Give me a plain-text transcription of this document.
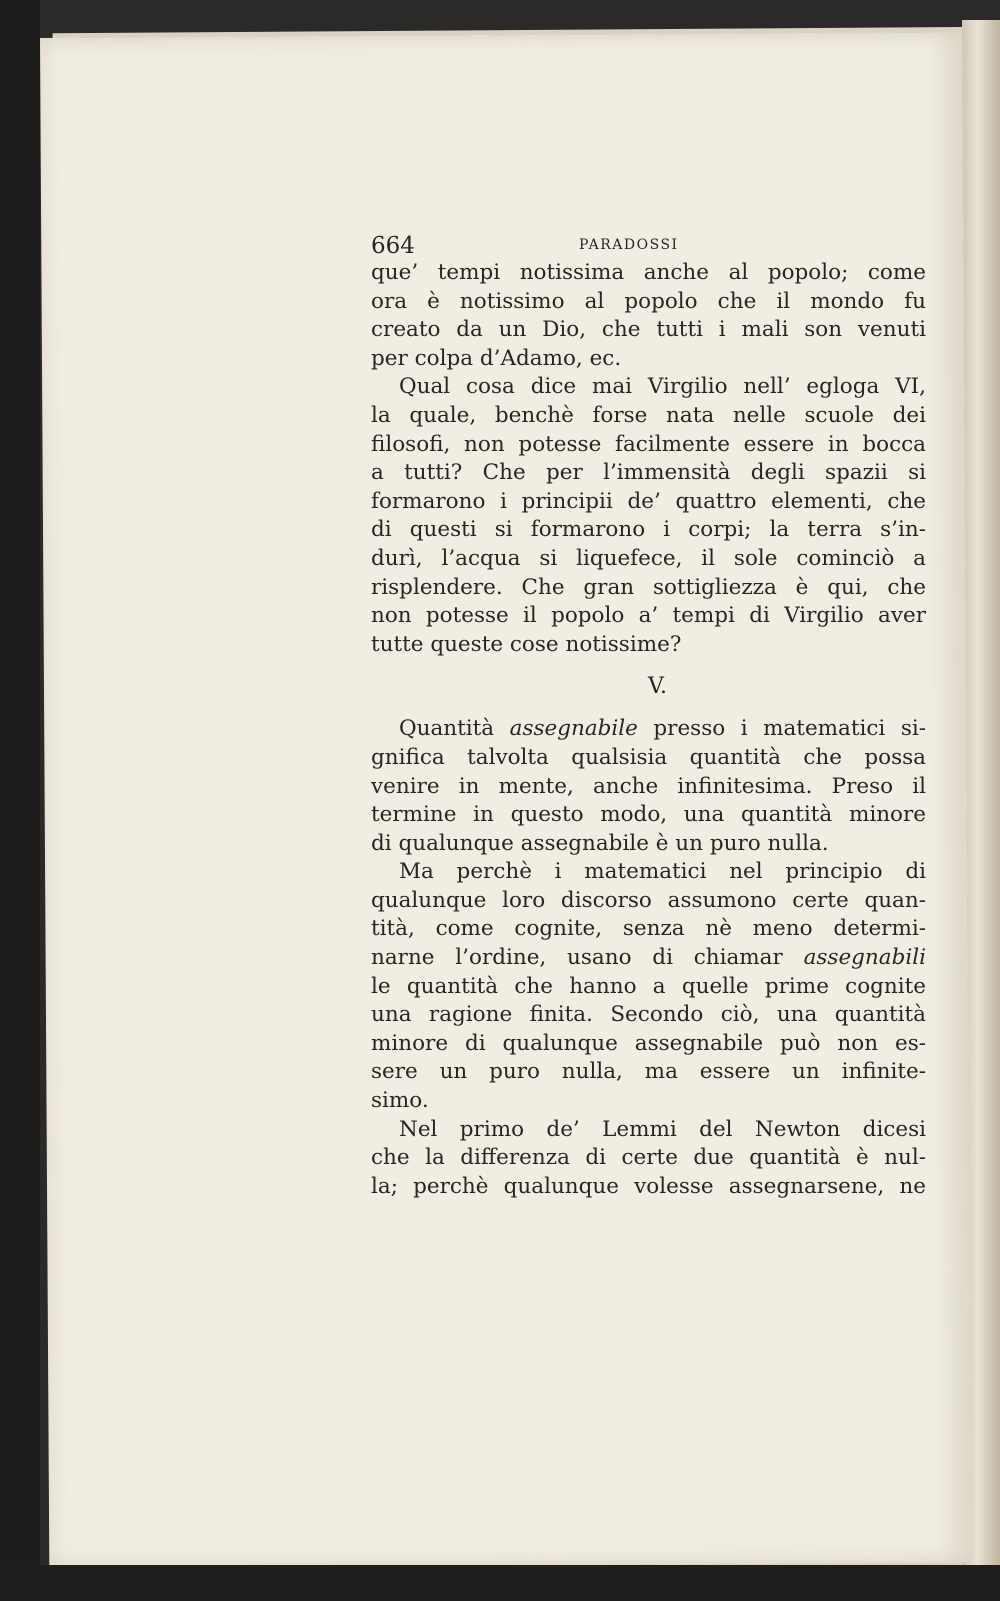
664	PARADOSSI
que’ tempi notissima anche al popolo; come
ora è notissimo al popolo che il mondo fu
creato da un Dio, che tutti i mali son venuti
per colpa d’Adamo, ec.
Qual cosa dice mai Virgilio nell’ egloga VI,
la quale, benchè forse nata nelle scuole dei
filosofi, non potesse facilmente essere in bocca
a tutti? Che per l’immensità degli spazii si
formarono i principii de’ quattro elementi, che
di questi si formarono i corpi; la terra s’in-
durì, l’acqua si liquefece, il sole cominciò a
risplendere. Che gran sottigliezza è qui, che
non potesse il popolo a’ tempi di Virgilio aver
tutte queste cose notissime?
V.
Quantità assegnabile presso i matematici si-
gnifica talvolta qualsisia quantità che possa
venire in mente, anche infinitesima. Preso il
termine in questo modo, una quantità minore
di qualunque assegnabile è un puro nulla.
Ma perchè i matematici nel principio di
qualunque loro discorso assumono certe quan-
tità, come cognite, senza nè meno determi-
narne l’ordine, usano di chiamar assegnabili
le quantità che hanno a quelle prime cognite
una ragione finita. Secondo ciò, una quantità
minore di qualunque assegnabile può non es-
sere un puro nulla, ma essere un infinite-
simo.
Nel primo de’ Lemmi del Newton dicesi
che la differenza di certe due quantità è nul-
la; perchè qualunque volesse assegnarsene, ne
